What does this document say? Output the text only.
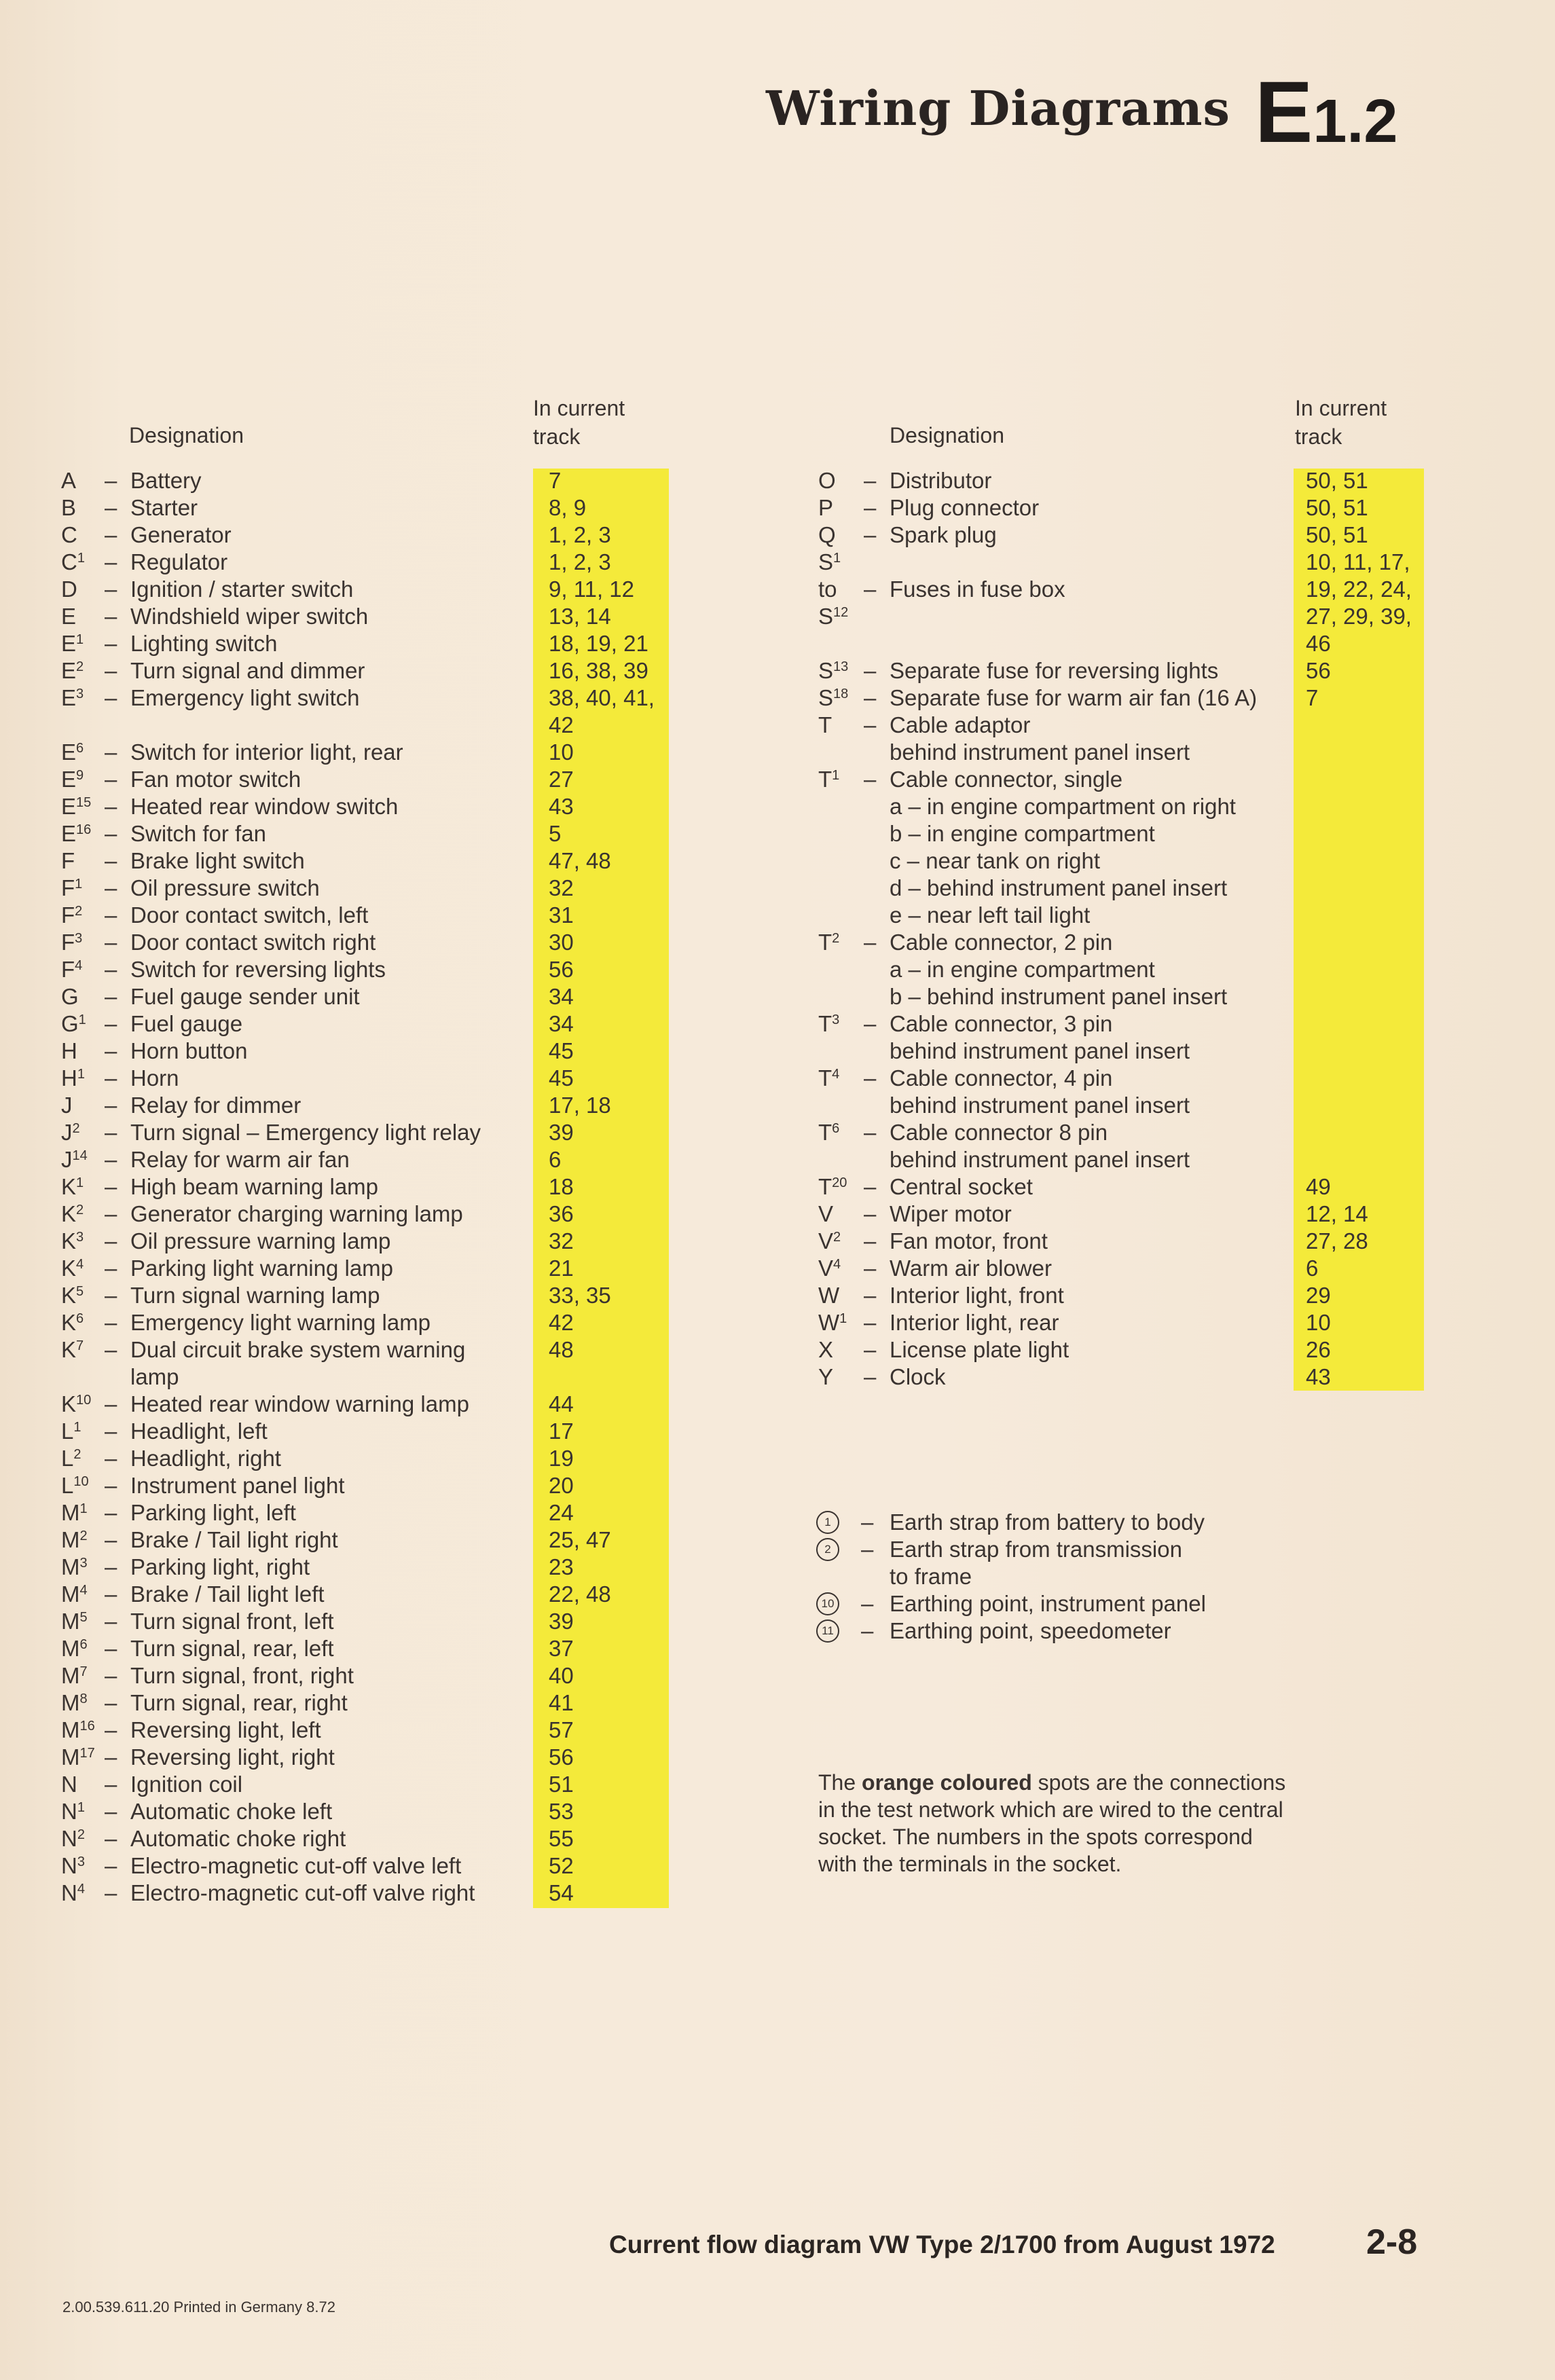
Wiring Diagrams E1.2
Designation
In current
track	Designation
In current
track
A – Battery	7
B – Starter	8, 9
C – Generator	1, 2, 3
$C^1$ – Regulator	1, 2, 3
D – Ignition / starter switch	9, 11, 12
E – Windshield wiper switch	13, 14
$E^1$ – Lighting switch	18, 19, 21
$E^2$ – Turn signal and dimmer	16, 38, 39
$E^3$ – Emergency light switch	38, 40, 41,
42
$E^6$ – Switch for interior light, rear	10
$E^9$ – Fan motor switch	27
$E^{15}$ – Heated rear window switch	43
$E^{16}$ – Switch for fan	5
F – Brake light switch	47, 48
$F^1$ – Oil pressure switch	32
$F^2$ – Door contact switch, left	31
$F^3$ – Door contact switch right	30
$F^4$ – Switch for reversing lights	56
G – Fuel gauge sender unit	34
$G^1$ – Fuel gauge	34
H – Horn button	45
$H^1$ – Horn	45
J – Relay for dimmer	17, 18
$J^2$ – Turn signal – Emergency light relay	39
$J^{14}$ – Relay for warm air fan	6
$K^1$ – High beam warning lamp	18
$K^2$ – Generator charging warning lamp	36
$K^3$ – Oil pressure warning lamp	32
$K^4$ – Parking light warning lamp	21
$K^5$ – Turn signal warning lamp	33, 35
$K^6$ – Emergency light warning lamp	42
$K^7$ – Dual circuit brake system warning	48
lamp
$K^{10}$ – Heated rear window warning lamp	44
$L^1$ – Headlight, left	17
$L^2$ – Headlight, right	19
$L^{10}$ – Instrument panel light	20
$M^1$ – Parking light, left	24
$M^2$ – Brake / Tail light right	25, 47
$M^3$ – Parking light, right	23
$M^4$ – Brake / Tail light left	22, 48
$M^5$ – Turn signal front, left	39
$M^6$ – Turn signal, rear, left	37
$M^7$ – Turn signal, front, right	40
$M^8$ – Turn signal, rear, right	41
$M^{16}$ – Reversing light, left	57
$M^{17}$ – Reversing light, right	56
N – Ignition coil	51
$N^1$ – Automatic choke left	53
$N^2$ – Automatic choke right	55
$N^3$ – Electro-magnetic cut-off valve left	52
$N^4$ – Electro-magnetic cut-off valve right	54
O – Distributor	50, 51
P – Plug connector	50, 51
Q – Spark plug	50, 51
$S^1$	10, 11, 17,
to – Fuses in fuse box	19, 22, 24,
$S^{12}$	27, 29, 39,
46
$S^{13}$ – Separate fuse for reversing lights	56
$S^{18}$ – Separate fuse for warm air fan (16 A) 7
T – Cable adaptor
behind instrument panel insert
$T^1$ – Cable connector, single
a – in engine compartment on right
b – in engine compartment
c – near tank on right
d – behind instrument panel insert
e – near left tail light
$T^2$ – Cable connector, 2 pin
a – in engine compartment
b – behind instrument panel insert
$T^3$ – Cable connector, 3 pin
behind instrument panel insert
$T^4$ – Cable connector, 4 pin
behind instrument panel insert
$T^6$ – Cable connector 8 pin
behind instrument panel insert
$T^{20}$ – Central socket	49
V – Wiper motor	12, 14
$V^2$ – Fan motor, front	27, 28
$V^4$ – Warm air blower	6
W – Interior light, front	29
$W^1$ – Interior light, rear	10
X – License plate light	26
Y – Clock	43
1	– Earth strap from battery to body
2	– Earth strap from transmission
to frame
10 – Earthing point, instrument panel
11 – Earthing point, speedometer
The orange coloured spots are the connections in the test network which are wired to the central socket. The numbers in the spots correspond with the terminals in the socket.
Current flow diagram VW Type 2/1700 from August 1972	2-8
2.00.539.611.20 Printed in Germany 8.72
